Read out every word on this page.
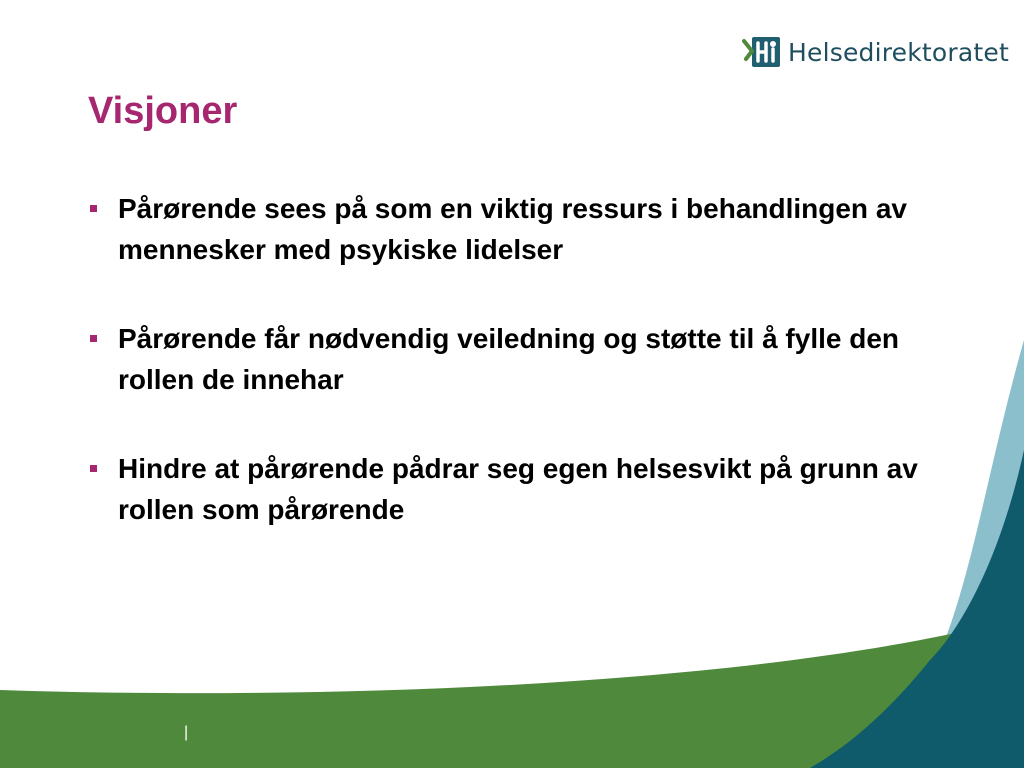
Helsedirektoratet
Visjoner
Pårørende sees på som en viktig ressurs i behandlingen av mennesker med psykiske lidelser
Pårørende får nødvendig veiledning og støtte til å fylle den rollen de innehar
Hindre at pårørende pådrar seg egen helsesvikt på grunn av rollen som pårørende
|
